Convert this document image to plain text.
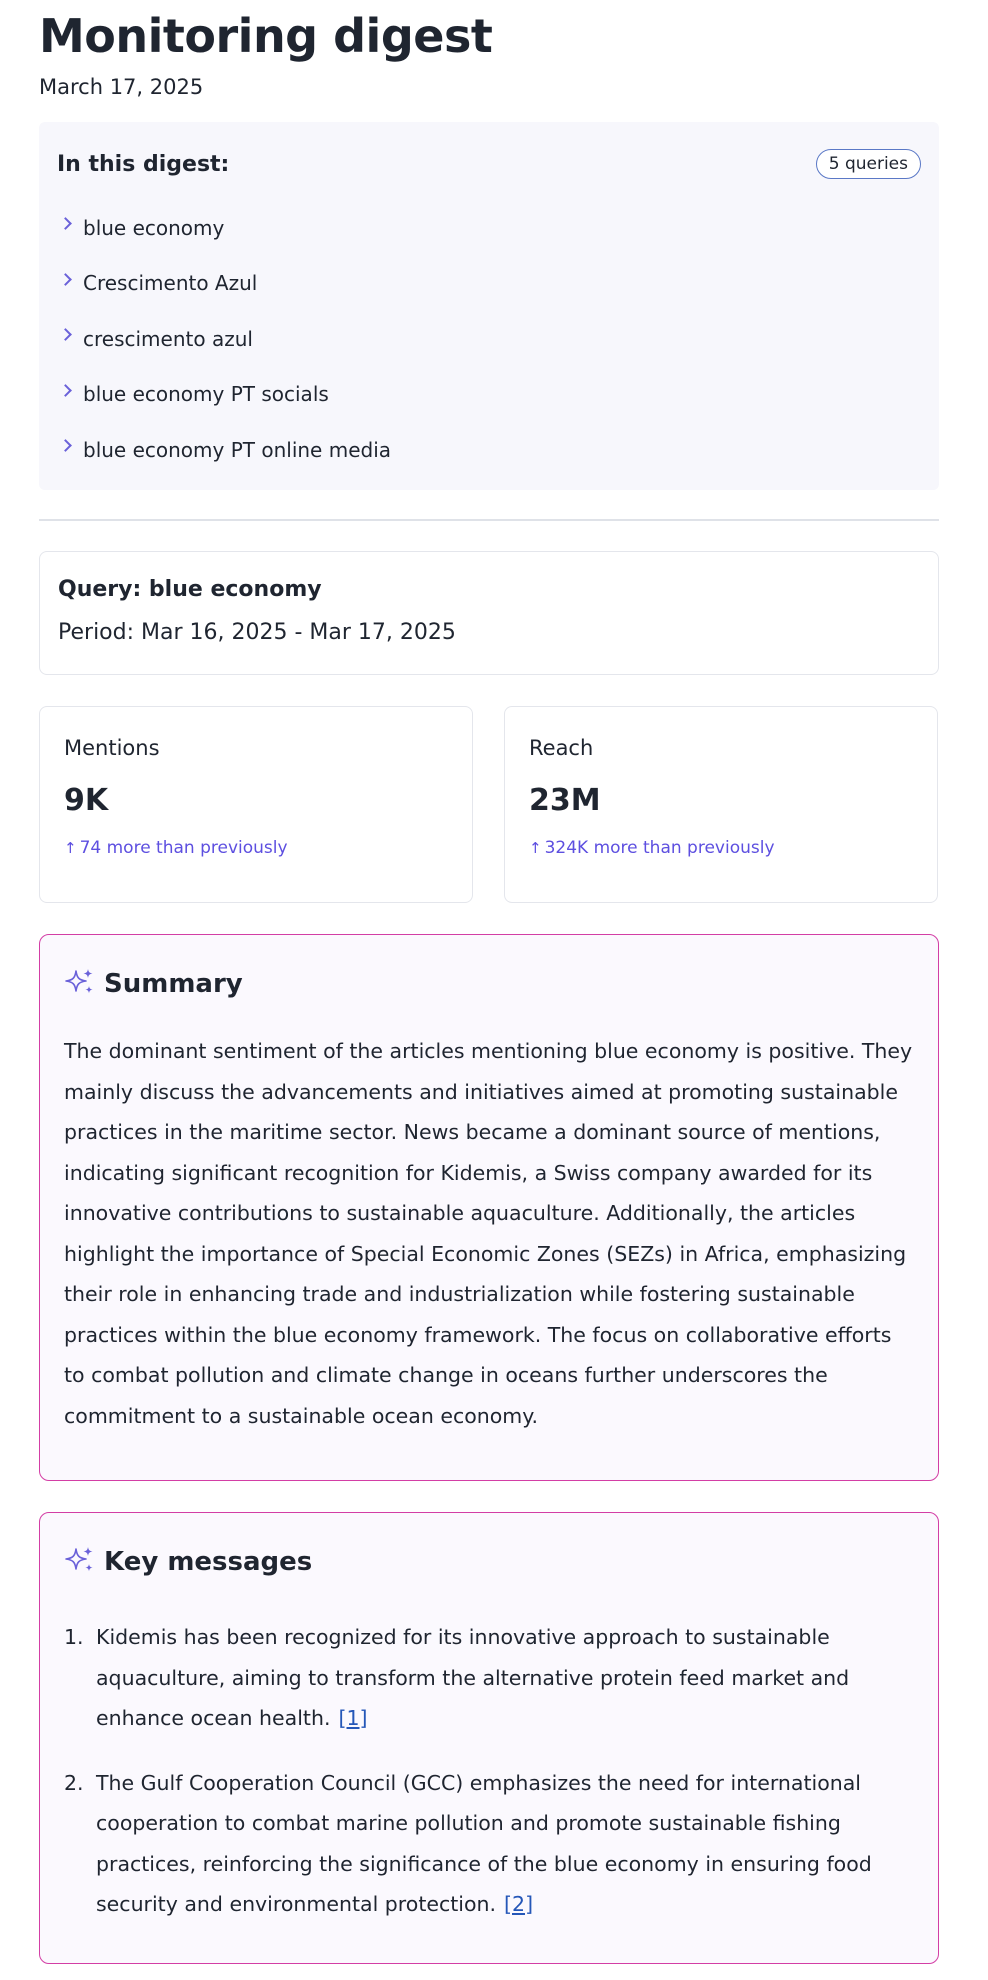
Monitoring digest
March 17, 2025
In this digest:	5 queries
blue economy
Crescimento Azul
crescimento azul
blue economy PT socials
blue economy PT online media
Query: blue economy
Period: Mar 16, 2025 - Mar 17, 2025
Mentions
9K
↑ 74 more than previously
Reach
23M
↑ 324K more than previously
Summary
The dominant sentiment of the articles mentioning blue economy is positive. They mainly discuss the advancements and initiatives aimed at promoting sustainable practices in the maritime sector. News became a dominant source of mentions, indicating significant recognition for Kidemis, a Swiss company awarded for its innovative contributions to sustainable aquaculture. Additionally, the articles highlight the importance of Special Economic Zones (SEZs) in Africa, emphasizing their role in enhancing trade and industrialization while fostering sustainable practices within the blue economy framework. The focus on collaborative efforts to combat pollution and climate change in oceans further underscores the commitment to a sustainable ocean economy.
Key messages
1. Kidemis has been recognized for its innovative approach to sustainable aquaculture, aiming to transform the alternative protein feed market and enhance ocean health. [1]
2. The Gulf Cooperation Council (GCC) emphasizes the need for international cooperation to combat marine pollution and promote sustainable fishing practices, reinforcing the significance of the blue economy in ensuring food security and environmental protection. [2]
